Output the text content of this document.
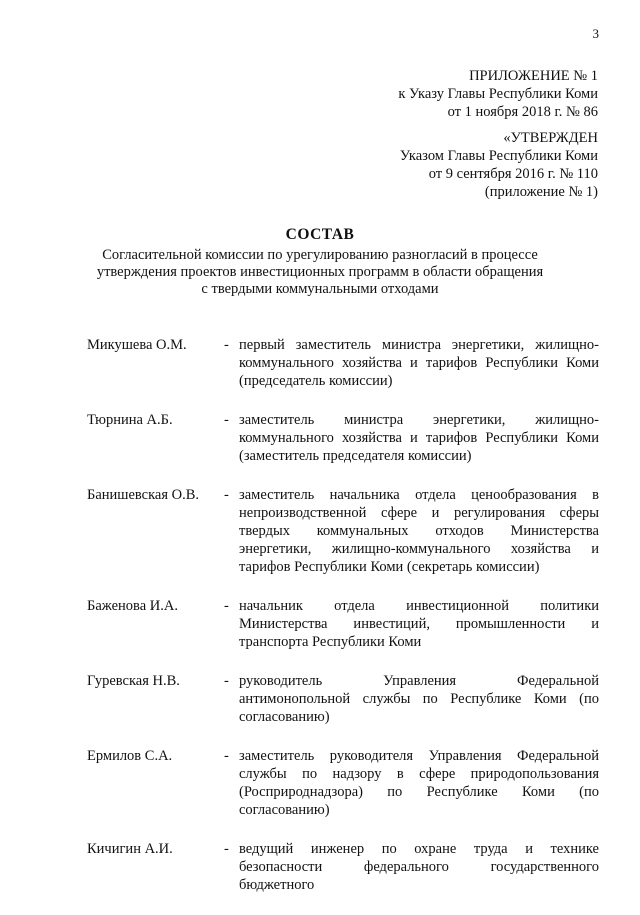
3
ПРИЛОЖЕНИЕ № 1
к Указу Главы Республики Коми
от 1 ноября 2018 г. № 86
«УТВЕРЖДЕН
Указом Главы Республики Коми
от 9 сентября 2016 г. № 110
(приложение № 1)
СОСТАВ
Согласительной комиссии по урегулированию разногласий в процессе
утверждения проектов инвестиционных программ в области обращения
с твердыми коммунальными отходами
Микушева О.М.	- первый заместитель министра энергетики, жилищно-коммунального хозяйства и тарифов Республики Коми (председатель комиссии)
Тюрнина А.Б.	- заместитель министра энергетики, жилищно-коммунального хозяйства и тарифов Республики Коми (заместитель председателя комиссии)
Банишевская О.В.	- заместитель начальника отдела ценообразования в непроизводственной сфере и регулирования сферы твердых коммунальных отходов Министерства энергетики, жилищно-коммунального хозяйства и тарифов Республики Коми (секретарь комиссии)
Баженова И.А.	- начальник отдела инвестиционной политики Министерства инвестиций, промышленности и транспорта Республики Коми
Гуревская Н.В.	- руководитель Управления Федеральной антимонопольной службы по Республике Коми (по согласованию)
Ермилов С.А.	- заместитель руководителя Управления Федеральной службы по надзору в сфере природопользования (Росприроднадзора) по Республике Коми (по согласованию)
Кичигин А.И.	- ведущий инженер по охране труда и технике безопасности федерального государственного бюджетного
